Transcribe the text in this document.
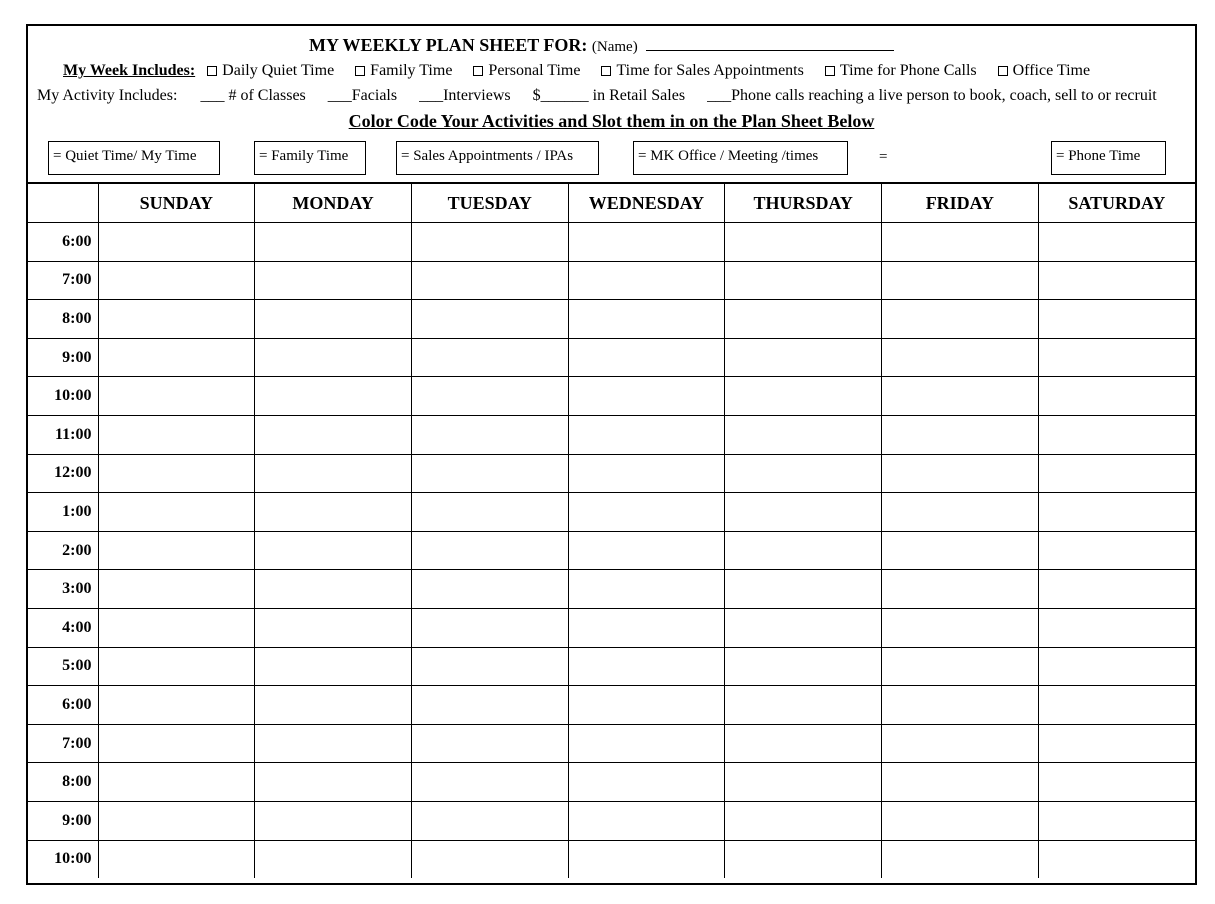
MY WEEKLY PLAN SHEET FOR: (Name)
My Week Includes: Daily Quiet Time Family Time Personal Time Time for Sales Appointments Time for Phone Calls Office Time
My Activity Includes: ___ # of Classes ___Facials ___Interviews $______ in Retail Sales ___Phone calls reaching a live person to book, coach, sell to or recruit
Color Code Your Activities and Slot them in on the Plan Sheet Below
= Quiet Time/ My Time	= Family Time	= Sales Appointments / IPAs	= MK Office / Meeting /times	=	= Phone Time
	SUNDAY	MONDAY	TUESDAY	WEDNESDAY	THURSDAY	FRIDAY	SATURDAY
6:00							
7:00							
8:00							
9:00							
10:00							
11:00							
12:00							
1:00							
2:00							
3:00							
4:00							
5:00							
6:00							
7:00							
8:00							
9:00							
10:00							
